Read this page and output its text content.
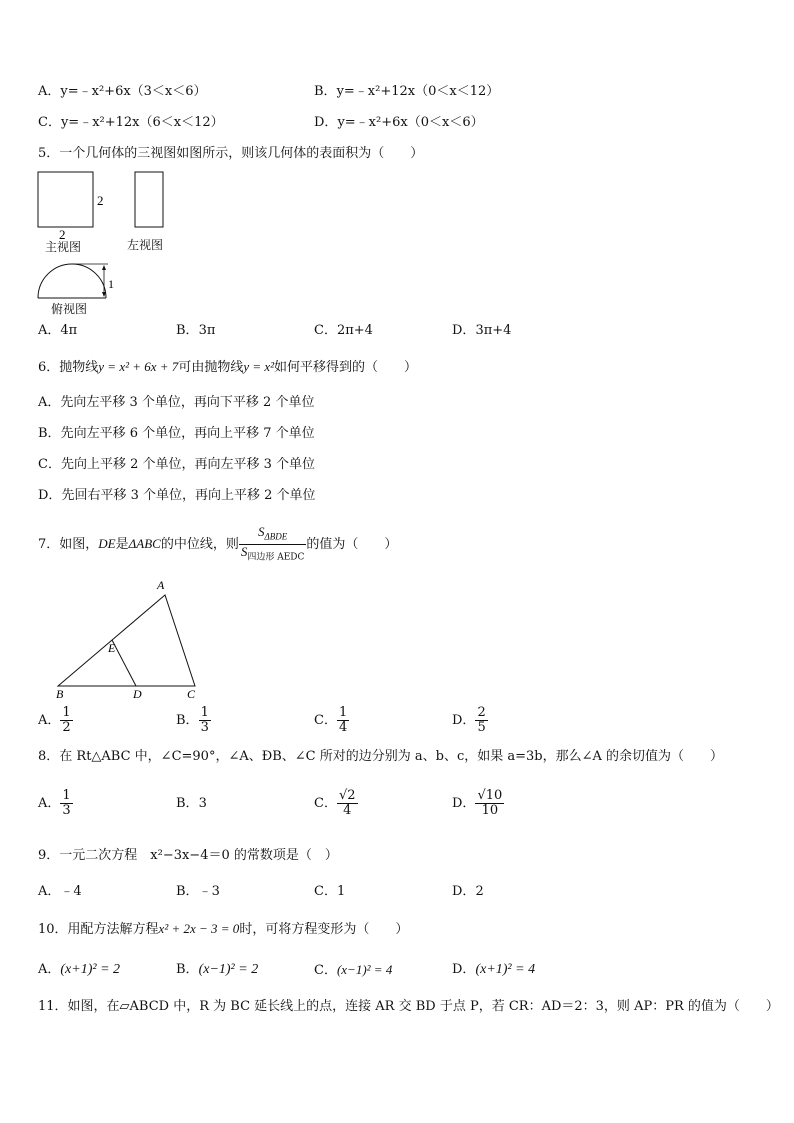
A．y=﹣x²+6x（3＜x＜6）	B．y=﹣x²+12x（0＜x＜12）
C．y=﹣x²+12x（6＜x＜12）	D．y=﹣x²+6x（0＜x＜6）
5．一个几何体的三视图如图所示，则该几何体的表面积为（　　）
2
2
1
主视图	左视图
俯视图
A．4π	B．3π	C．2π+4	D．3π+4
6．抛物线y = x² + 6x + 7可由抛物线y = x²如何平移得到的（　　）
A．先向左平移 3 个单位，再向下平移 2 个单位
B．先向左平移 6 个单位，再向上平移 7 个单位
C．先向上平移 2 个单位，再向左平移 3 个单位
D．先回右平移 3 个单位，再向上平移 2 个单位
7．如图，DE是ΔABC的中位线，则 $\frac{S_{\Delta BDE}}{S_{四边形 AEDC}}$ 的值为（　　）
A
B	C
D
E
A． $\frac{1}{2}$	B． $\frac{1}{3}$	C． $\frac{1}{4}$	D． $\frac{2}{5}$
8．在 Rt△ABC 中，∠C=90°，∠A、ÐB、∠C 所对的边分别为 a、b、c，如果 a=3b，那么∠A 的余切值为（　　）
A． $\frac{1}{3}$	B．3	C． $\frac{√2}{4}$	D． $\frac{√10}{10}$
9．一元二次方程　x²−3x−4＝0 的常数项是（　）
A．﹣4	B．﹣3	C．1	D．2
10．用配方法解方程x² + 2x − 3 = 0时，可将方程变形为（　　）
A．(x+1)² = 2	B．(x−1)² = 2	C．(x−1)² = 4	D．(x+1)² = 4
11．如图，在▱ABCD 中，R 为 BC 延长线上的点，连接 AR 交 BD 于点 P，若 CR：AD＝2：3，则 AP：PR 的值为（　　）
